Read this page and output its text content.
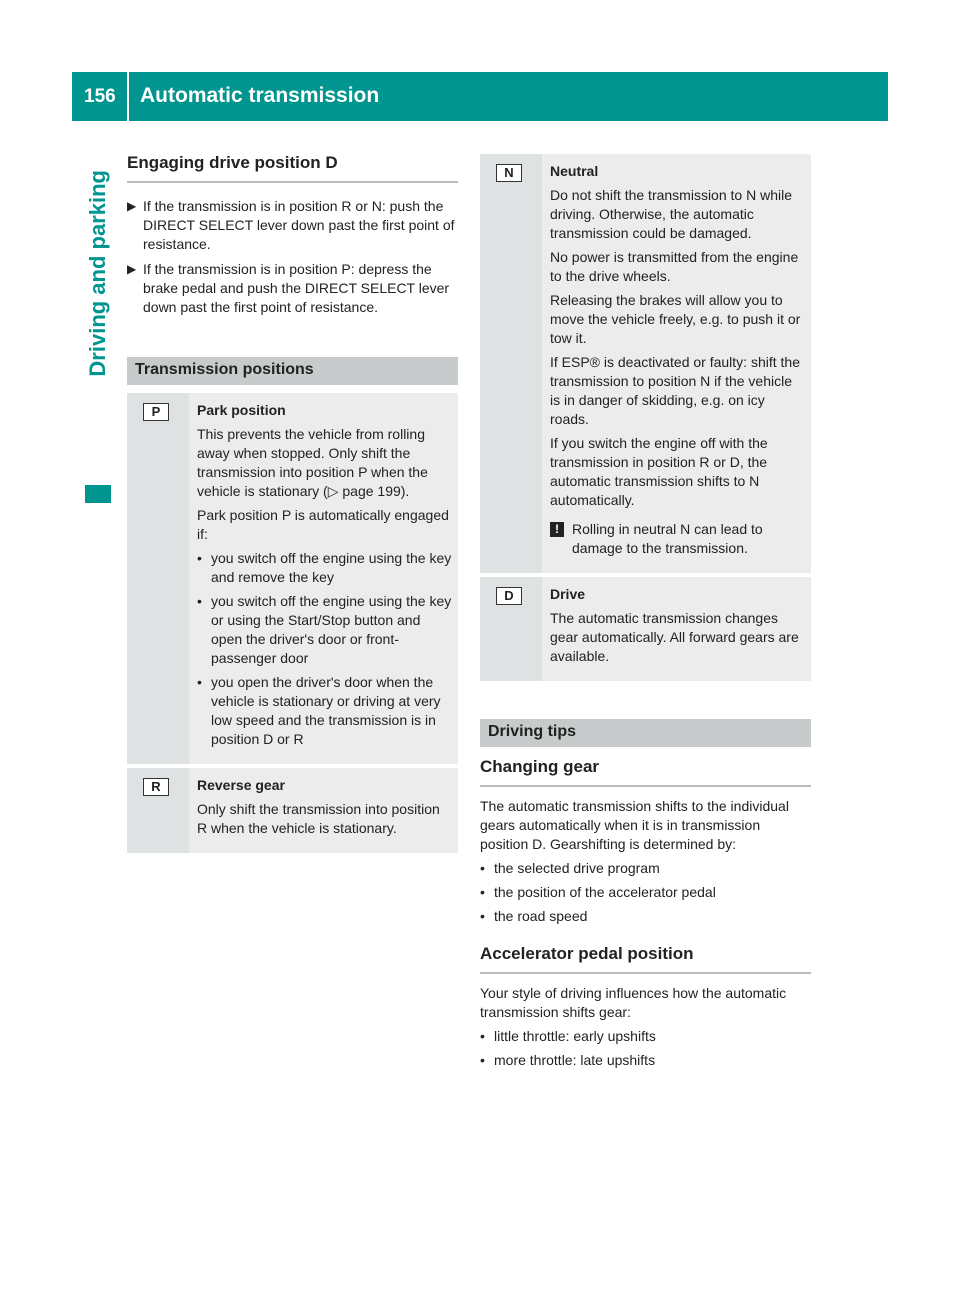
156 Automatic transmission
Driving and parking
Engaging drive position D
▶ If the transmission is in position R or N: push the DIRECT SELECT lever down past the first point of resistance.
▶ If the transmission is in position P: depress the brake pedal and push the DIRECT SELECT lever down past the first point of resistance.
Transmission positions
P	Park position

This prevents the vehicle from rolling away when stopped. Only shift the transmission into position P when the vehicle is stationary (▷ page 199).

Park position P is automatically engaged if:

• you switch off the engine using the key and remove the key
• you switch off the engine using the key or using the Start/Stop button and open the driver's door or front-passenger door
• you open the driver's door when the vehicle is stationary or driving at very low speed and the transmission is in position D or R
R	Reverse gear

Only shift the transmission into position R when the vehicle is stationary.

N	Neutral

Do not shift the transmission to N while driving. Otherwise, the automatic transmission could be damaged.

No power is transmitted from the engine to the drive wheels.

Releasing the brakes will allow you to move the vehicle freely, e.g. to push it or tow it.

If ESP® is deactivated or faulty: shift the transmission to position N if the vehicle is in danger of skidding, e.g. on icy roads.

If you switch the engine off with the transmission in position R or D, the automatic transmission shifts to N automatically.

! Rolling in neutral N can lead to damage to the transmission.
D	Drive

The automatic transmission changes gear automatically. All forward gears are available.

Driving tips
Changing gear

The automatic transmission shifts to the individual gears automatically when it is in transmission position D. Gearshifting is determined by:

• the selected drive program
• the position of the accelerator pedal
• the road speed
Accelerator pedal position

Your style of driving influences how the automatic transmission shifts gear:

• little throttle: early upshifts
• more throttle: late upshifts
